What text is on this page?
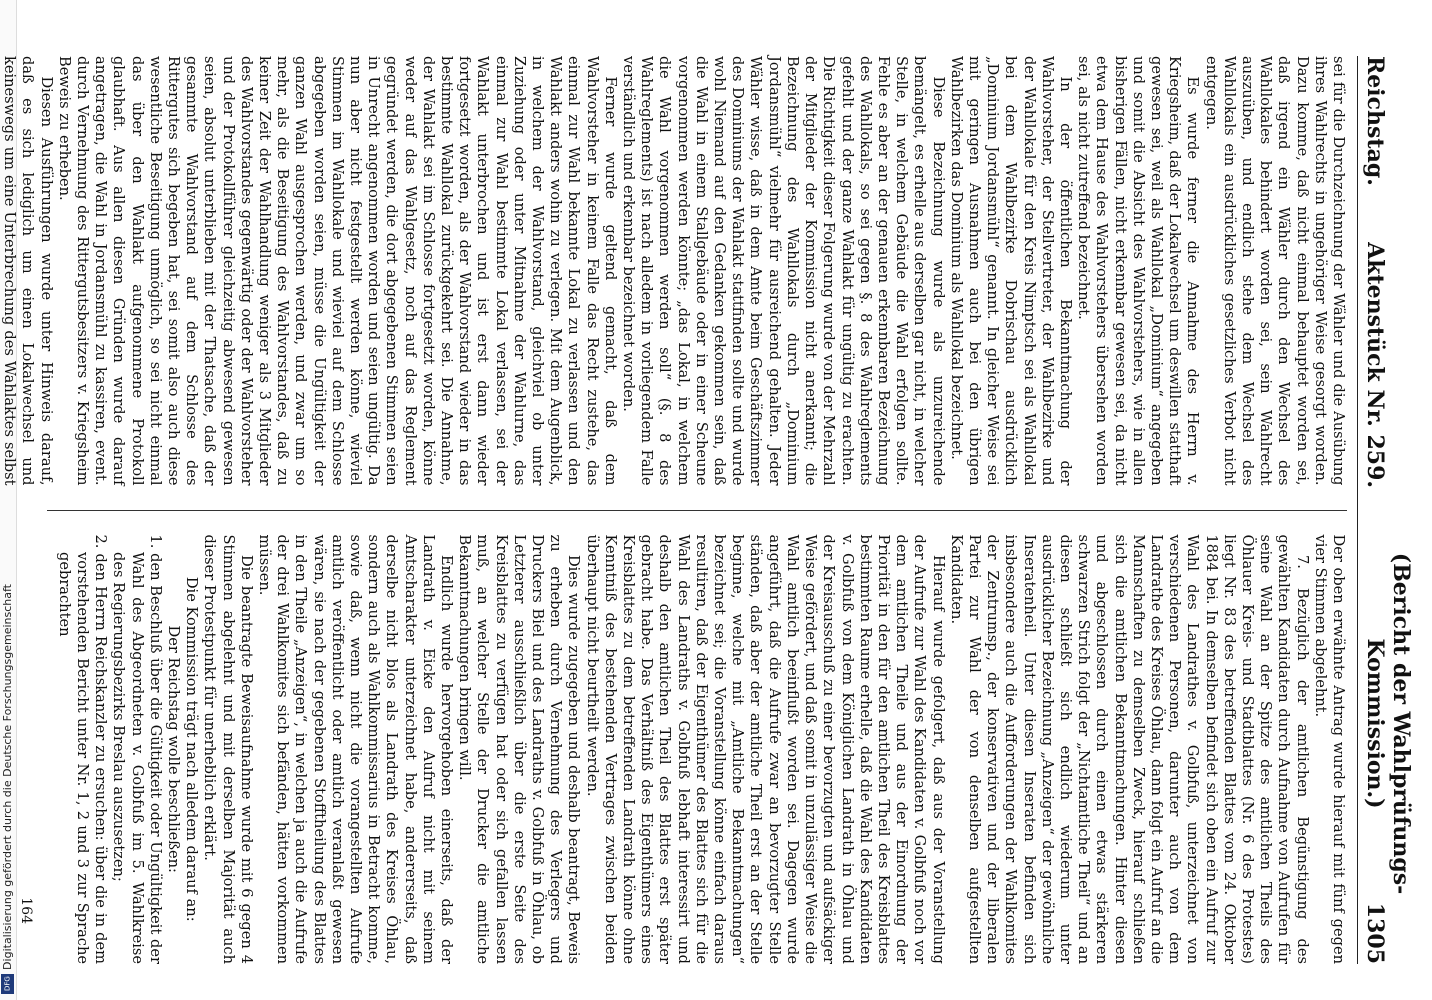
Digitalisierung gefördert durch die Deutsche Forschungsgemeinschaft
DFG
Reichstag.
Aktenstück Nr. 259.
(Bericht der Wahlprüfungs-Kommission.)
1305

sei für die Durchzeichnung der Wähler und die Ausübung ihres Wahlrechts in ungehöriger Weise gesorgt worden. Dazu komme, daß nicht einmal behauptet worden sei, daß irgend ein Wähler durch den Wechsel des Wahllokales behindert worden sei, sein Wahlrecht auszuüben, und endlich stehe dem Wechsel des Wahllokals ein ausdrückliches gesetzliches Verbot nicht entgegen.

Es wurde ferner die Annahme des Herrn v. Kriegsheim, daß der Lokalwechsel um deswillen statthaft gewesen sei, weil als Wahllokal „Dominium“ angegeben und somit die Absicht des Wahlvorstehers, wie in allen bisherigen Fällen, nicht erkennbar gewesen sei, da nicht etwa dem Hause des Wahlvorstehers übersehen worden sei, als nicht zutreffend bezeichnet.

In der öffentlichen Bekanntmachung der Wahlvorsteher, der Stellvertreter, der Wahlbezirke und der Wahllokale für den Kreis Nimptsch sei als Wahllokal bei dem Wahlbezirke Dobrischau ausdrücklich „Dominium Jordansmühl“ genannt. In gleicher Weise sei mit geringen Ausnahmen auch bei den übrigen Wahlbezirken das Dominium als Wahllokal bezeichnet.

Diese Bezeichnung wurde als unzureichende bemängelt, es erhelle aus derselben gar nicht, in welcher Stelle, in welchem Gebäude die Wahl erfolgen sollte. Fehle es aber an der genauen erkennbaren Bezeichnung des Wahllokals, so sei gegen §. 8 des Wahlreglements gefehlt und der ganze Wahlakt für ungültig zu erachten. Die Richtigkeit dieser Folgerung wurde von der Mehrzahl der Mitglieder der Kommission nicht anerkannt; die Bezeichnung des Wahllokals durch „Dominium Jordansmühl“ vielmehr für ausreichend gehalten. Jeder Wähler wisse, daß in dem Amte beim Geschäftszimmer des Dominiums der Wahlakt stattfinden sollte und wurde wohl Niemand auf den Gedanken gekommen sein, daß die Wahl in einem Stallgebäude oder in einer Scheune vorgenommen werden könnte; „das Lokal, in welchem die Wahl vorgenommen werden soll“ (§. 8 des Wahlreglements) ist nach alledem in vorliegendem Falle verständlich und erkennbar bezeichnet worden.

Ferner wurde geltend gemacht, daß dem Wahlvorsteher in keinem Falle das Recht zustehe, das einmal zur Wahl bekannte Lokal zu verlassen und den Wahlakt anders wohin zu verlegen. Mit dem Augenblick, in welchem der Wahlvorstand, gleichviel ob unter Zuziehung oder unter Mitnahme der Wahlurne, das einmal zur Wahl bestimmte Lokal verlassen, sei der Wahlakt unterbrochen und ist erst dann wieder fortgesetzt worden, als der Wahlvorstand wieder in das bestimmte Wahllokal zurückgekehrt sei. Die Annahme, der Wahlakt sei im Schlosse fortgesetzt worden, könne weder auf das Wahlgesetz, noch auf das Reglement gegründet werden, die dort abgegebenen Stimmen seien in Unrecht angenommen worden und seien ungültig. Da nun aber nicht festgestellt werden könne, wieviel Stimmen im Wahllokale und wieviel auf dem Schlosse abgegeben worden seien, müsse die Ungültigkeit der ganzen Wahl ausgesprochen werden, und zwar um so mehr, als die Beseitigung des Wahlvorstandes, daß zu keiner Zeit der Wahlhandlung weniger als 3 Mitglieder des Wahlvorstandes gegenwärtig oder der Wahlvorsteher und der Protokollführer gleichzeitig abwesend gewesen seien, absolut unterblieben mit der Thatsache, daß der gesammte Wahlvorstand auf dem Schlosse des Rittergutes sich begeben hat, sei somit also auch diese wesentliche Beseitigung unmöglich, so sei nicht einmal das über den Wahlakt aufgenommene Protokoll glaubhaft. Aus allen diesen Gründen wurde darauf angetragen, die Wahl in Jordansmühl zu kassiren, event. durch Vernehmung des Rittergutsbesitzers v. Kriegsheim Beweis zu erheben.

Diesen Ausführungen wurde unter Hinweis darauf, daß es sich lediglich um einen Lokalwechsel und keineswegs um eine Unterbrechung des Wahlaktes selbst

Der oben erwähnte Antrag wurde hierauf mit fünf gegen vier Stimmen abgelehnt.

7. Bezüglich der amtlichen Begünstigung des gewählten Kandidaten durch Aufnahme von Aufrufen für seine Wahl an der Spitze des amtlichen Theils des Öhlauer Kreis- und Stadtblattes (Nr. 6 des Protestes) liegt Nr. 83 des betreffenden Blattes vom 24. Oktober 1884 bei. In demselben befindet sich oben ein Aufruf zur Wahl des Landrathes v. Golbfuß, unterzeichnet von verschiedenen Personen, darunter auch von dem Landrathe des Kreises Öhlau, dann folgt ein Aufruf an die Mannschaften zu demselben Zweck, hierauf schließen sich die amtlichen Bekanntmachungen. Hinter diesen und abgeschlossen durch einen etwas stärkeren schwarzen Strich folgt der „Nichtamtliche Theil“ und an diesen schließt sich endlich wiederum unter ausdrücklicher Bezeichnung „Anzeigen“ der gewöhnliche Inseratenheil. Unter diesen Inseraten befinden sich insbesondere auch die Aufforderungen der Wahlkomites der Zentrumsp., der konservativen und der liberalen Partei zur Wahl der von denselben aufgestellten Kandidaten.

Hierauf wurde gefolgert, daß aus der Voranstellung der Aufrufe zur Wahl des Kandidaten v. Golbfuß noch vor dem amtlichen Theile und aus der Einordnung der Priorität in den für den amtlichen Theil des Kreisblattes bestimmten Raume erhelle, daß die Wahl des Kandidaten v. Golbfuß von dem Königlichen Landrath in Öhlau und der Kreisausschuß zu einer bevorzugten und aufsäckiger Weise gefördert, und daß somit in unzulässiger Weise die Wahl amtlich beeinflußt worden sei. Dagegen wurde angeführt, daß die Aufrufe zwar an bevorzugter Stelle ständen, daß aber der amtliche Theil erst an der Stelle beginne, welche mit „Amtliche Bekanntmachungen“ bezeichnet sei; die Voranstellung könne einfach daraus resultiren, daß der Eigenthümer des Blattes sich für die Wahl des Landraths v. Golbfuß lebhaft interessirt und deshalb den amtlichen Theil des Blattes erst später gebracht habe. Das Verhältniß des Eigenthümers eines Kreisblattes zu dem betreffenden Landrath könne ohne Kenntniß des bestehenden Vertrages zwischen beiden überhaupt nicht beurtheilt werden.

Dies wurde zugegeben und deshalb beantragt, Beweis zu erheben durch Vernehmung des Verlegers und Druckers Biel und des Landraths v. Golbfuß in Öhlau, ob Letzterer ausschließlich über die erste Seite des Kreisblattes zu verfügen hat oder sich gefallen lassen muß, an welcher Stelle der Drucker die amtliche Bekanntmachungen bringen will.

Endlich wurde hervorgehoben einerseits, daß der Landrath v. Eicke den Aufruf nicht mit seinem Amtscharakter unterzeichnet habe, andererseits, daß derselbe nicht blos als Landrath des Kreises Öhlau, sondern auch als Wahlkommissarius in Betracht komme, sowie daß, wenn nicht die vorangestellten Aufrufe amtlich veröffentlicht oder amtlich veranlaßt gewesen wären, sie nach der gegebenen Stofftheilung des Blattes in den Theile „Anzeigen“, in welchen ja auch die Aufrufe der drei Wahlkomites sich befänden, hätten vorkommen müssen.

Die beantragte Beweisaufnahme wurde mit 6 gegen 4 Stimmen abgelehnt und mit derselben Majorität auch dieser Protestpunkt für unerheblich erklärt.

Die Kommission trägt nach alledem darauf an:

Der Reichstag wolle beschließen:

1. den Beschluß über die Gültigkeit oder Ungültigkeit der Wahl des Abgeordneten v. Golbfuß im 5. Wahlkreise des Regierungsbezirks Breslau auszusetzen;

2. den Herrn Reichskanzler zu ersuchen: über die in dem vorstehenden Bericht unter Nr. 1, 2 und 3 zur Sprache gebrachten

164
